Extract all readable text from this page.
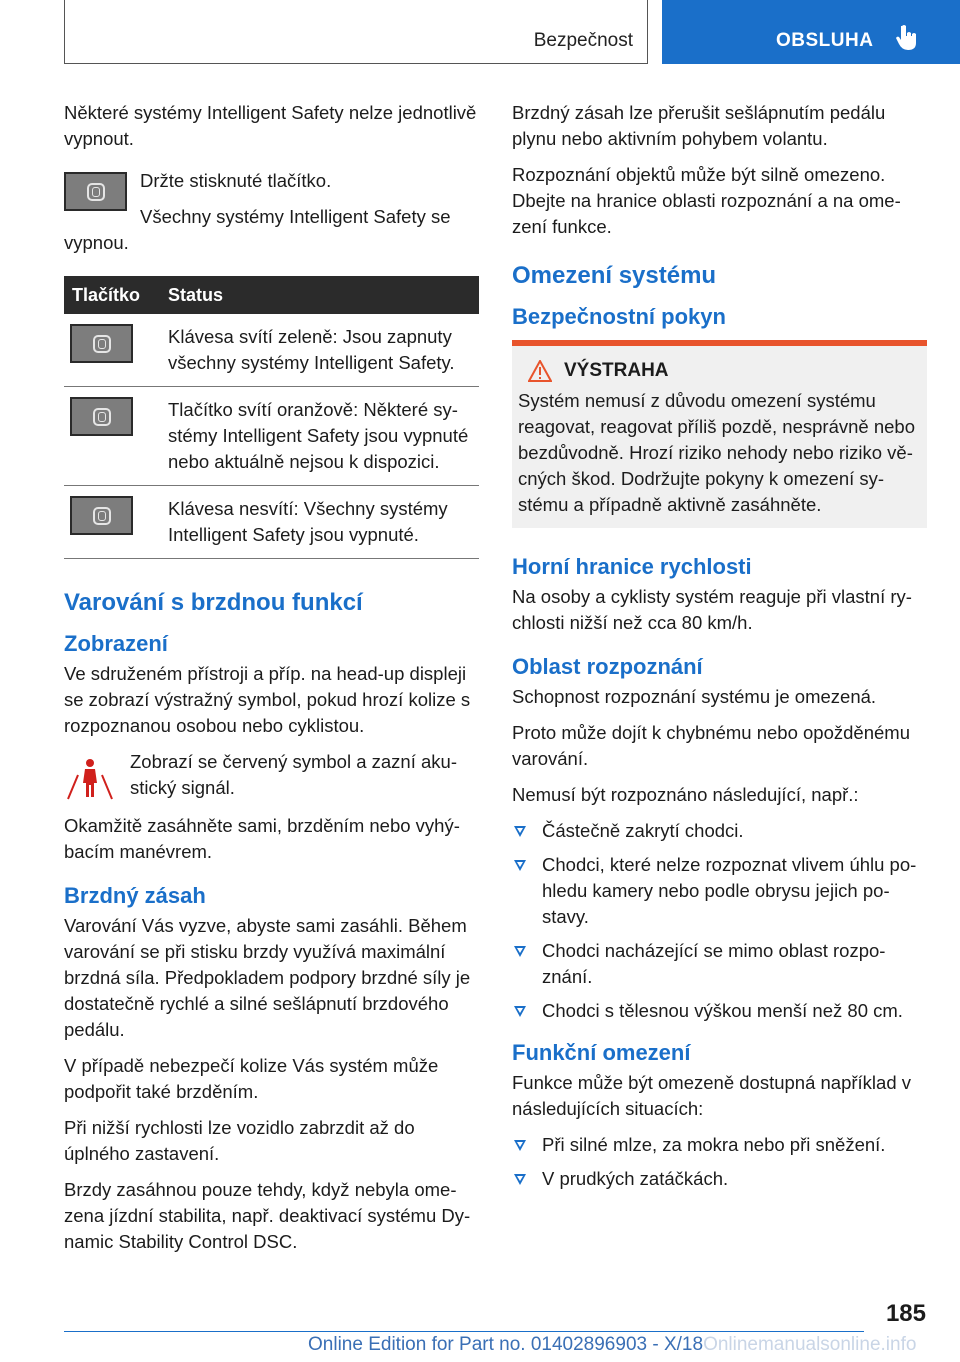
Bezpečnost	OBSLUHA

Některé systémy Intelligent Safety nelze jednotlivě vypnout.

Držte stisknuté tlačítko.

Všechny systémy Intelligent Safety se vypnou.

Tlačítko	Status

	Klávesa svítí zeleně: Jsou zapnuty všechny systémy Intelligent Safety.

	Tlačítko svítí oranžově: Některé systémy Intelligent Safety jsou vypnuté nebo aktuálně nejsou k dispozici.

	Klávesa nesvítí: Všechny systémy Intelligent Safety jsou vypnuté.
Varování s brzdnou funkcí
Zobrazení

Ve sdruženém přístroji a příp. na head-up displeji se zobrazí výstražný symbol, pokud hrozí kolize s rozpoznanou osobou nebo cyklistou.

Zobrazí se červený symbol a zazní akustický signál.

Okamžitě zasáhněte sami, brzděním nebo vyhýbacím manévrem.

Brzdný zásah

Varování Vás vyzve, abyste sami zasáhli. Během varování se při stisku brzdy využívá maximální brzdná síla. Předpokladem podpory brzdné síly je dostatečně rychlé a silné sešlápnutí brzdového pedálu.

V případě nebezpečí kolize Vás systém může podpořit také brzděním.

Při nižší rychlosti lze vozidlo zabrzdit až do úplného zastavení.

Brzdy zasáhnou pouze tehdy, když nebyla omezena jízdní stabilita, např. deaktivací systému Dynamic Stability Control DSC.

Brzdný zásah lze přerušit sešlápnutím pedálu plynu nebo aktivním pohybem volantu.

Rozpoznání objektů může být silně omezeno. Dbejte na hranice oblasti rozpoznání a na omezení funkce.

Omezení systému
Bezpečnostní pokyn
VÝSTRAHA

Systém nemusí z důvodu omezení systému reagovat, reagovat příliš pozdě, nesprávně nebo bezdůvodně. Hrozí riziko nehody nebo riziko věcných škod. Dodržujte pokyny k omezení systému a případně aktivně zasáhněte.

Horní hranice rychlosti

Na osoby a cyklisty systém reaguje při vlastní rychlosti nižší než cca 80 km/h.

Oblast rozpoznání

Schopnost rozpoznání systému je omezená.

Proto může dojít k chybnému nebo opožděnému varování.

Nemusí být rozpoznáno následující, např.:

Částečně zakrytí chodci.
Chodci, které nelze rozpoznat vlivem úhlu pohledu kamery nebo podle obrysu jejich postavy.
Chodci nacházející se mimo oblast rozpoznání.
Chodci s tělesnou výškou menší než 80 cm.
Funkční omezení

Funkce může být omezeně dostupná například v následujících situacích:

Při silné mlze, za mokra nebo při sněžení.
V prudkých zatáčkách.
185
Online Edition for Part no. 01402896903 - X/18Onlinemanualsonline.info
